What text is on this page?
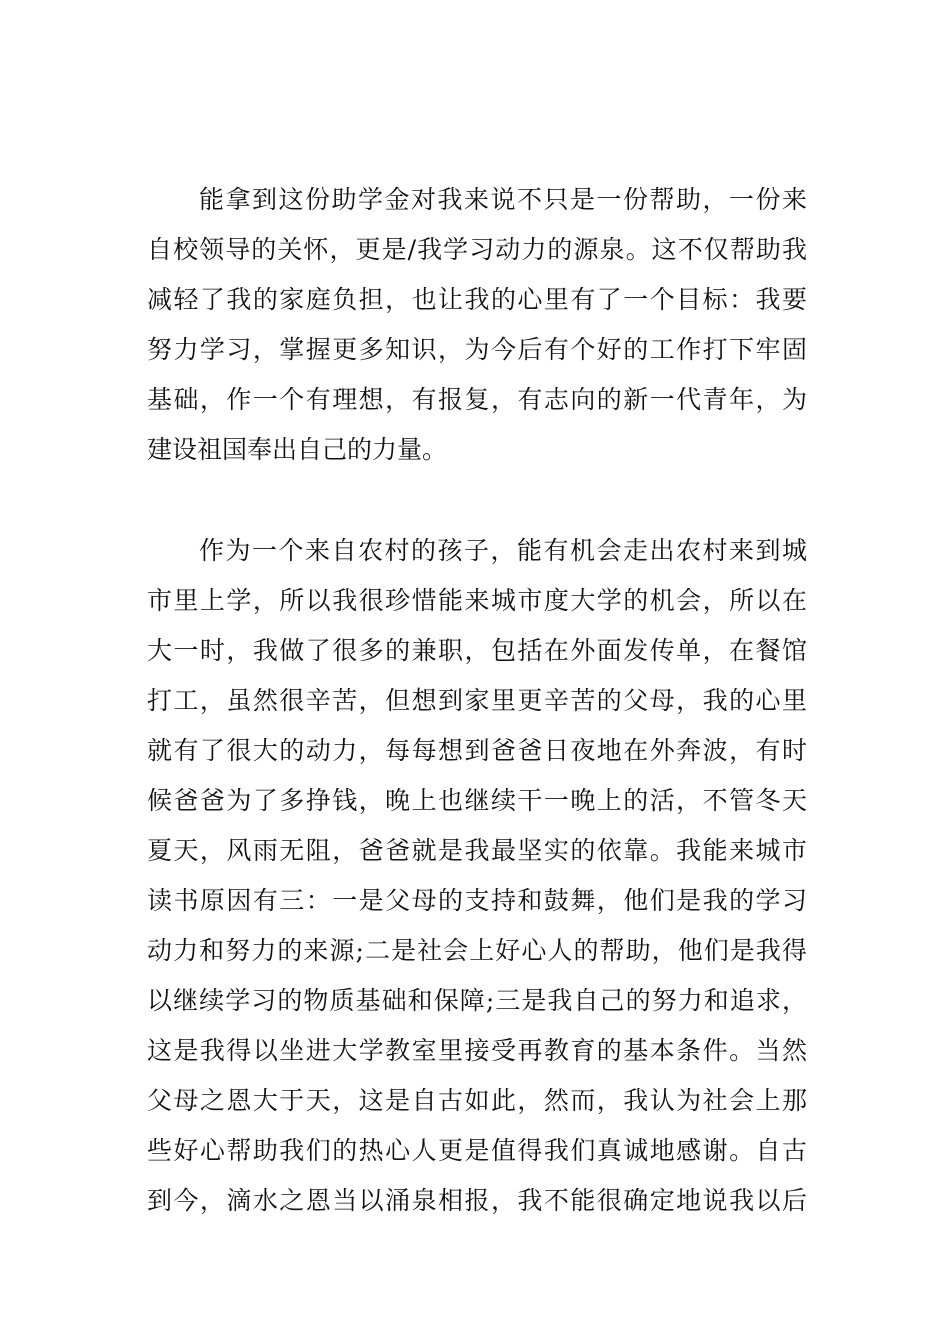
能拿到这份助学金对我来说不只是一份帮助，一份来
自校领导的关怀，更是/我学习动力的源泉。这不仅帮助我
减轻了我的家庭负担，也让我的心里有了一个目标：我要
努力学习，掌握更多知识，为今后有个好的工作打下牢固
基础，作一个有理想，有报复，有志向的新一代青年，为
建设祖国奉出自己的力量。
作为一个来自农村的孩子，能有机会走出农村来到城
市里上学，所以我很珍惜能来城市度大学的机会，所以在
大一时，我做了很多的兼职，包括在外面发传单，在餐馆
打工，虽然很辛苦，但想到家里更辛苦的父母，我的心里
就有了很大的动力，每每想到爸爸日夜地在外奔波，有时
候爸爸为了多挣钱，晚上也继续干一晚上的活，不管冬天
夏天，风雨无阻，爸爸就是我最坚实的依靠。我能来城市
读书原因有三：一是父母的支持和鼓舞，他们是我的学习
动力和努力的来源;二是社会上好心人的帮助，他们是我得
以继续学习的物质基础和保障;三是我自己的努力和追求，
这是我得以坐进大学教室里接受再教育的基本条件。当然
父母之恩大于天，这是自古如此，然而，我认为社会上那
些好心帮助我们的热心人更是值得我们真诚地感谢。自古
到今，滴水之恩当以涌泉相报，我不能很确定地说我以后
